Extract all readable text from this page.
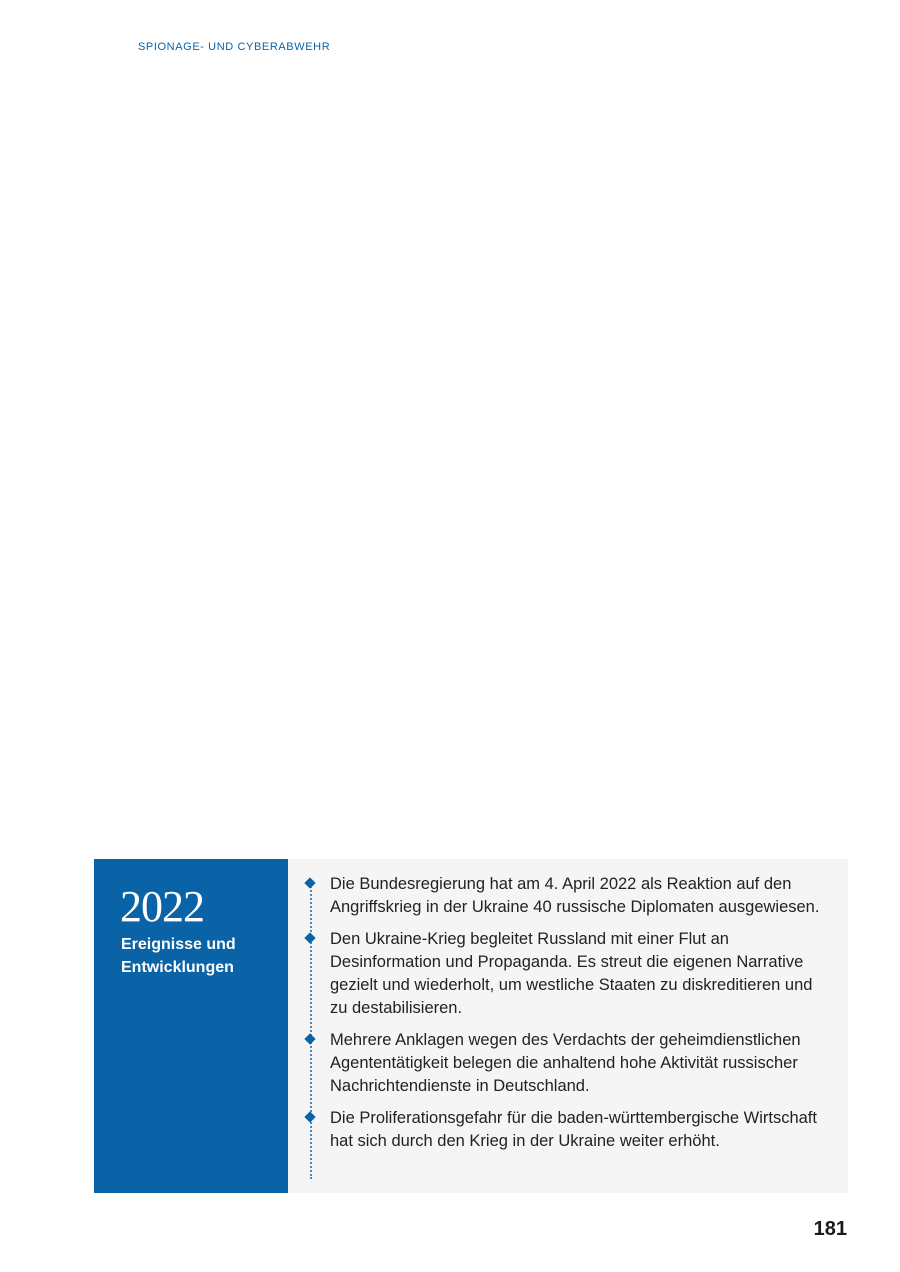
SPIONAGE- UND CYBERABWEHR
2022
Ereignisse und Entwicklungen
Die Bundesregierung hat am 4. April 2022 als Reaktion auf den Angriffskrieg in der Ukraine 40 russische Diplomaten ausgewiesen.
Den Ukraine-Krieg begleitet Russland mit einer Flut an Desinformation und Propaganda. Es streut die eigenen Narrative gezielt und wiederholt, um westliche Staaten zu diskreditieren und zu destabilisieren.
Mehrere Anklagen wegen des Verdachts der geheimdienstlichen Agententätigkeit belegen die anhaltend hohe Aktivität russischer Nachrichtendienste in Deutschland.
Die Proliferationsgefahr für die baden-württembergische Wirtschaft hat sich durch den Krieg in der Ukraine weiter erhöht.
181
